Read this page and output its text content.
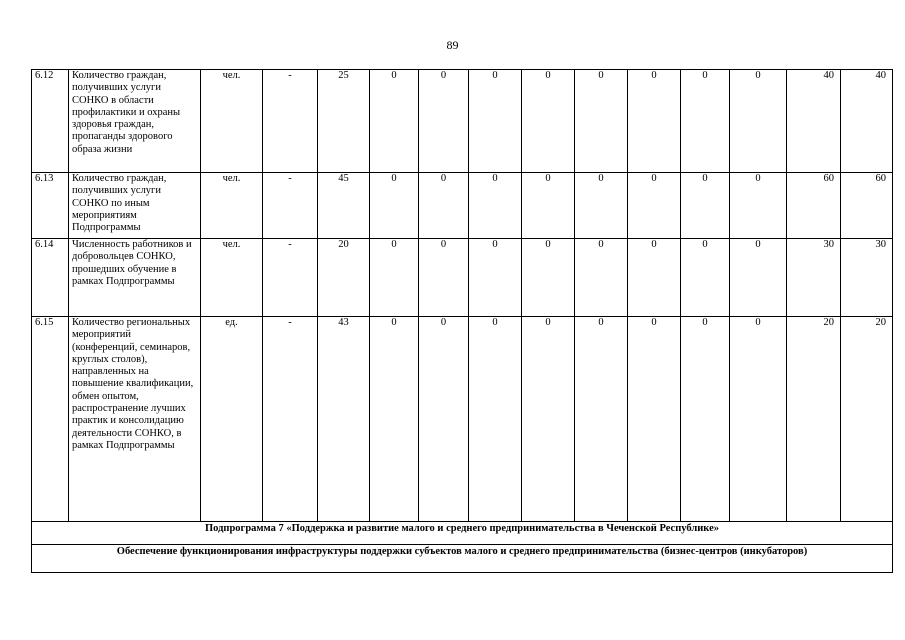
89
6.12	Количество граждан, получивших услуги СОНКО в области профилактики и охраны здоровья граждан, пропаганды здорового образа жизни	чел.	-	25	0	0	0	0	0	0	0	0	40	40
6.13	Количество граждан, получивших услуги СОНКО по иным мероприятиям Подпрограммы	чел.	-	45	0	0	0	0	0	0	0	0	60	60
6.14	Численность работников и добровольцев СОНКО, прошедших обучение в рамках Подпрограммы	чел.	-	20	0	0	0	0	0	0	0	0	30	30
6.15	Количество региональных мероприятий (конференций, семинаров, круглых столов), направленных на повышение квалификации, обмен опытом, распространение лучших практик и консолидацию деятельности СОНКО, в рамках Подпрограммы	ед.	-	43	0	0	0	0	0	0	0	0	20	20
Подпрограмма 7 «Поддержка и развитие малого и среднего предпринимательства в Чеченской Республике»														
Обеспечение функционирования инфраструктуры поддержки субъектов малого и среднего предпринимательства (бизнес-центров (инкубаторов)														
